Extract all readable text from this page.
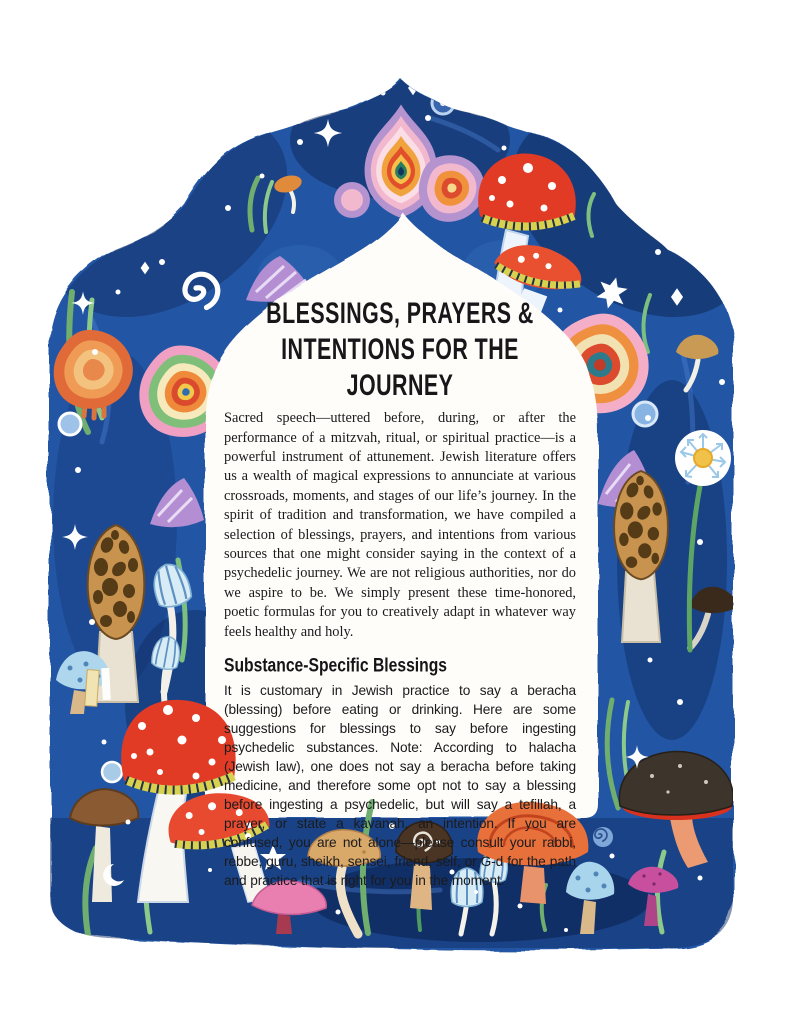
BLESSINGS, PRAYERS &
INTENTIONS FOR THE JOURNEY

Sacred speech—uttered before, during, or after the performance of a mitzvah, ritual, or spiritual practice—is a powerful instrument of attunement. Jewish literature offers us a wealth of magical expressions to annunciate at various crossroads, moments, and stages of our life’s journey. In the spirit of tradition and transformation, we have compiled a selection of blessings, prayers, and intentions from various sources that one might consider saying in the context of a psychedelic journey. We are not religious authorities, nor do we aspire to be. We simply present these time-honored, poetic formulas for you to creatively adapt in whatever way feels healthy and holy.

Substance-Specific Blessings

It is customary in Jewish practice to say a beracha (blessing) before eating or drinking. Here are some suggestions for blessings to say before ingesting psychedelic substances. Note: According to halacha (Jewish law), one does not say a beracha before taking medicine, and therefore some opt not to say a blessing before ingesting a psychedelic, but will say a tefillah, a prayer, or state a kavanah, an intention. If you are confused, you are not alone—please consult your rabbi, rebbe, guru, sheikh, sensei, friend, self, or G-d for the path and practice that is right for you in the moment.
